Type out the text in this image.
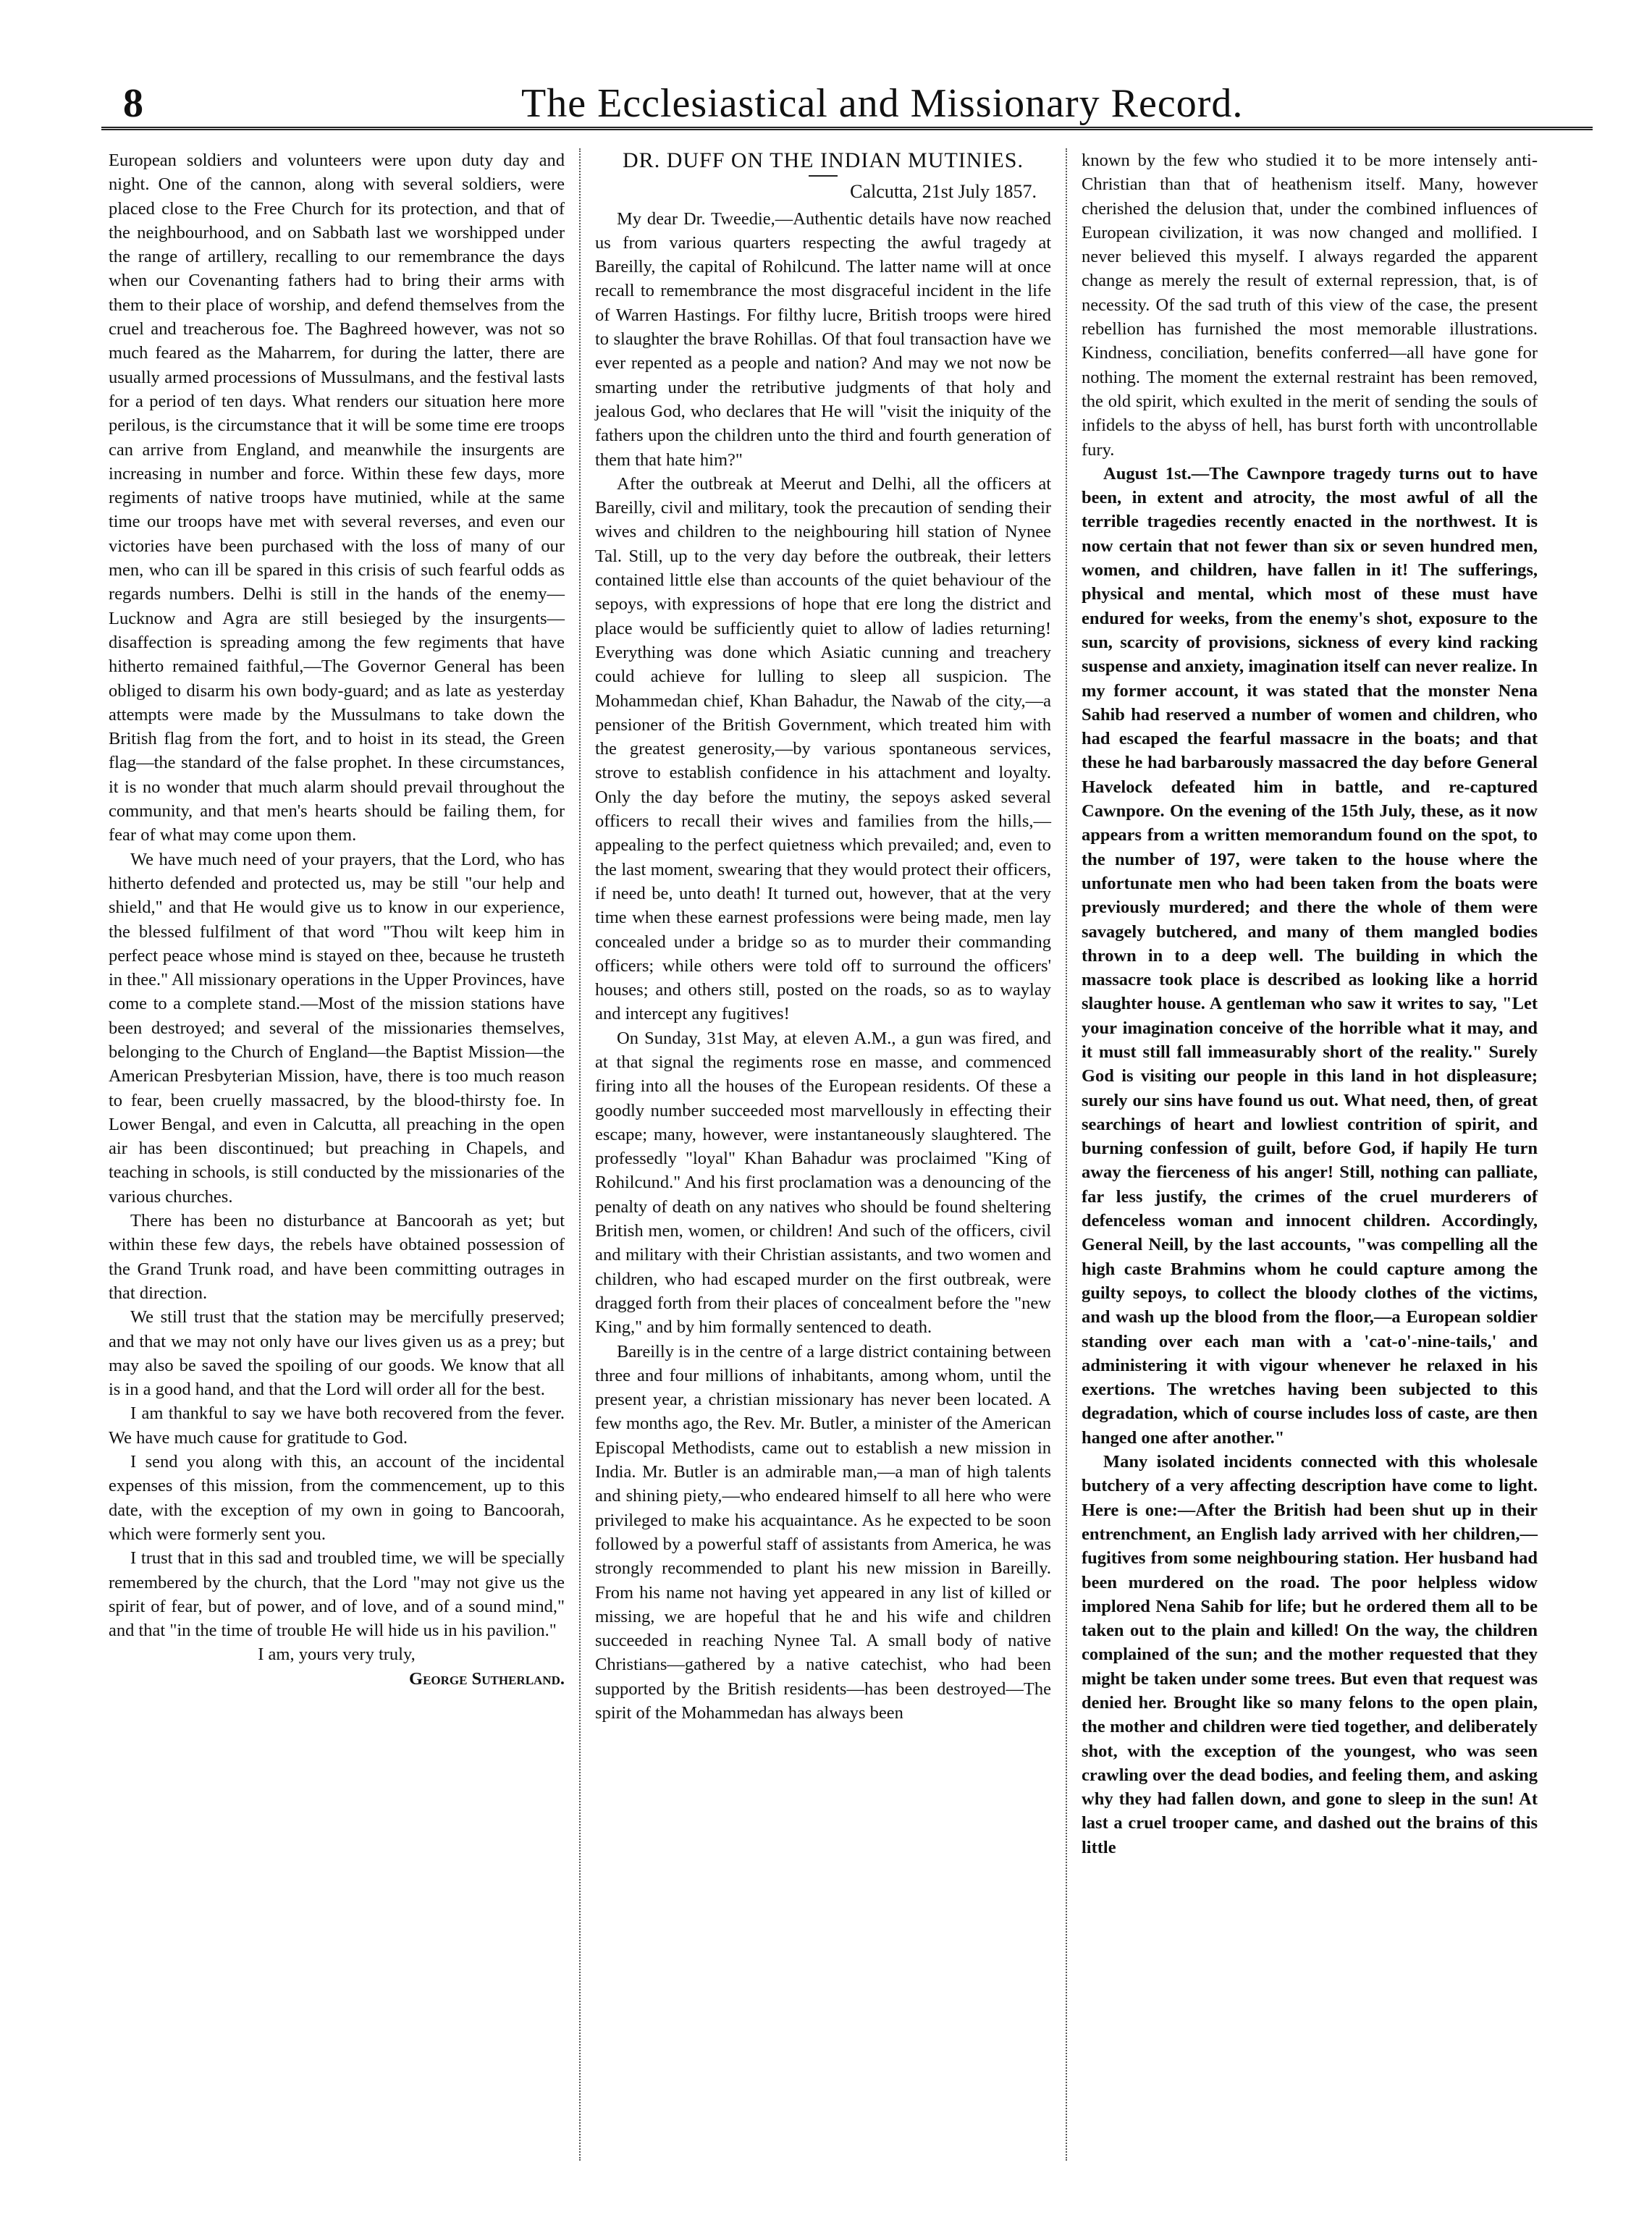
8	The Ecclesiastical and Missionary Record.

European soldiers and volunteers were upon duty day and night. One of the cannon, along with several soldiers, were placed close to the Free Church for its protection, and that of the neighbourhood, and on Sabbath last we worshipped under the range of artillery, recalling to our remembrance the days when our Covenanting fathers had to bring their arms with them to their place of worship, and defend themselves from the cruel and treacherous foe. The Baghreed however, was not so much feared as the Maharrem, for during the latter, there are usually armed processions of Mussulmans, and the festival lasts for a period of ten days. What renders our situation here more perilous, is the circumstance that it will be some time ere troops can arrive from England, and meanwhile the insurgents are increasing in number and force. Within these few days, more regiments of native troops have mutinied, while at the same time our troops have met with several reverses, and even our victories have been purchased with the loss of many of our men, who can ill be spared in this crisis of such fearful odds as regards numbers. Delhi is still in the hands of the enemy—Lucknow and Agra are still besieged by the insurgents—disaffection is spreading among the few regiments that have hitherto remained faithful,—The Governor General has been obliged to disarm his own body-guard; and as late as yesterday attempts were made by the Mussulmans to take down the British flag from the fort, and to hoist in its stead, the Green flag—the standard of the false prophet. In these circumstances, it is no wonder that much alarm should prevail throughout the community, and that men's hearts should be failing them, for fear of what may come upon them.

We have much need of your prayers, that the Lord, who has hitherto defended and protected us, may be still "our help and shield," and that He would give us to know in our experience, the blessed fulfilment of that word "Thou wilt keep him in perfect peace whose mind is stayed on thee, because he trusteth in thee." All missionary operations in the Upper Provinces, have come to a complete stand.—Most of the mission stations have been destroyed; and several of the missionaries themselves, belonging to the Church of England—the Baptist Mission—the American Presbyterian Mission, have, there is too much reason to fear, been cruelly massacred, by the blood-thirsty foe. In Lower Bengal, and even in Calcutta, all preaching in the open air has been discontinued; but preaching in Chapels, and teaching in schools, is still conducted by the missionaries of the various churches.

There has been no disturbance at Bancoorah as yet; but within these few days, the rebels have obtained possession of the Grand Trunk road, and have been committing outrages in that direction.

We still trust that the station may be mercifully preserved; and that we may not only have our lives given us as a prey; but may also be saved the spoiling of our goods. We know that all is in a good hand, and that the Lord will order all for the best.

I am thankful to say we have both recovered from the fever. We have much cause for gratitude to God.

I send you along with this, an account of the incidental expenses of this mission, from the commencement, up to this date, with the exception of my own in going to Bancoorah, which were formerly sent you.

I trust that in this sad and troubled time, we will be specially remembered by the church, that the Lord "may not give us the spirit of fear, but of power, and of love, and of a sound mind," and that "in the time of trouble He will hide us in his pavilion."

I am, yours very truly,

George Sutherland.

DR. DUFF ON THE INDIAN MUTINIES.
Calcutta, 21st July 1857.

My dear Dr. Tweedie,—Authentic details have now reached us from various quarters respecting the awful tragedy at Bareilly, the capital of Rohilcund. The latter name will at once recall to remembrance the most disgraceful incident in the life of Warren Hastings. For filthy lucre, British troops were hired to slaughter the brave Rohillas. Of that foul transaction have we ever repented as a people and nation? And may we not now be smarting under the retributive judgments of that holy and jealous God, who declares that He will "visit the iniquity of the fathers upon the children unto the third and fourth generation of them that hate him?"

After the outbreak at Meerut and Delhi, all the officers at Bareilly, civil and military, took the precaution of sending their wives and children to the neighbouring hill station of Nynee Tal. Still, up to the very day before the outbreak, their letters contained little else than accounts of the quiet behaviour of the sepoys, with expressions of hope that ere long the district and place would be sufficiently quiet to allow of ladies returning! Everything was done which Asiatic cunning and treachery could achieve for lulling to sleep all suspicion. The Mohammedan chief, Khan Bahadur, the Nawab of the city,—a pensioner of the British Government, which treated him with the greatest generosity,—by various spontaneous services, strove to establish confidence in his attachment and loyalty. Only the day before the mutiny, the sepoys asked several officers to recall their wives and families from the hills,—appealing to the perfect quietness which prevailed; and, even to the last moment, swearing that they would protect their officers, if need be, unto death! It turned out, however, that at the very time when these earnest professions were being made, men lay concealed under a bridge so as to murder their commanding officers; while others were told off to surround the officers' houses; and others still, posted on the roads, so as to waylay and intercept any fugitives!

On Sunday, 31st May, at eleven A.M., a gun was fired, and at that signal the regiments rose en masse, and commenced firing into all the houses of the European residents. Of these a goodly number succeeded most marvellously in effecting their escape; many, however, were instantaneously slaughtered. The professedly "loyal" Khan Bahadur was proclaimed "King of Rohilcund." And his first proclamation was a denouncing of the penalty of death on any natives who should be found sheltering British men, women, or children! And such of the officers, civil and military with their Christian assistants, and two women and children, who had escaped murder on the first outbreak, were dragged forth from their places of concealment before the "new King," and by him formally sentenced to death.

Bareilly is in the centre of a large district containing between three and four millions of inhabitants, among whom, until the present year, a christian missionary has never been located. A few months ago, the Rev. Mr. Butler, a minister of the American Episcopal Methodists, came out to establish a new mission in India. Mr. Butler is an admirable man,—a man of high talents and shining piety,—who endeared himself to all here who were privileged to make his acquaintance. As he expected to be soon followed by a powerful staff of assistants from America, he was strongly recommended to plant his new mission in Bareilly. From his name not having yet appeared in any list of killed or missing, we are hopeful that he and his wife and children succeeded in reaching Nynee Tal. A small body of native Christians—gathered by a native catechist, who had been supported by the British residents—has been destroyed—The spirit of the Mohammedan has always been

known by the few who studied it to be more intensely anti-Christian than that of heathenism itself. Many, however cherished the delusion that, under the combined influences of European civilization, it was now changed and mollified. I never believed this myself. I always regarded the apparent change as merely the result of external repression, that, is of necessity. Of the sad truth of this view of the case, the present rebellion has furnished the most memorable illustrations. Kindness, conciliation, benefits conferred—all have gone for nothing. The moment the external restraint has been removed, the old spirit, which exulted in the merit of sending the souls of infidels to the abyss of hell, has burst forth with uncontrollable fury.

August 1st.—The Cawnpore tragedy turns out to have been, in extent and atrocity, the most awful of all the terrible tragedies recently enacted in the northwest. It is now certain that not fewer than six or seven hundred men, women, and children, have fallen in it! The sufferings, physical and mental, which most of these must have endured for weeks, from the enemy's shot, exposure to the sun, scarcity of provisions, sickness of every kind racking suspense and anxiety, imagination itself can never realize. In my former account, it was stated that the monster Nena Sahib had reserved a number of women and children, who had escaped the fearful massacre in the boats; and that these he had barbarously massacred the day before General Havelock defeated him in battle, and re-captured Cawnpore. On the evening of the 15th July, these, as it now appears from a written memorandum found on the spot, to the number of 197, were taken to the house where the unfortunate men who had been taken from the boats were previously murdered; and there the whole of them were savagely butchered, and many of them mangled bodies thrown in to a deep well. The building in which the massacre took place is described as looking like a horrid slaughter house. A gentleman who saw it writes to say, "Let your imagination conceive of the horrible what it may, and it must still fall immeasurably short of the reality." Surely God is visiting our people in this land in hot displeasure; surely our sins have found us out. What need, then, of great searchings of heart and lowliest contrition of spirit, and burning confession of guilt, before God, if hapily He turn away the fierceness of his anger! Still, nothing can palliate, far less justify, the crimes of the cruel murderers of defenceless woman and innocent children. Accordingly, General Neill, by the last accounts, "was compelling all the high caste Brahmins whom he could capture among the guilty sepoys, to collect the bloody clothes of the victims, and wash up the blood from the floor,—a European soldier standing over each man with a 'cat-o'-nine-tails,' and administering it with vigour whenever he relaxed in his exertions. The wretches having been subjected to this degradation, which of course includes loss of caste, are then hanged one after another."

Many isolated incidents connected with this wholesale butchery of a very affecting description have come to light. Here is one:—After the British had been shut up in their entrenchment, an English lady arrived with her children,—fugitives from some neighbouring station. Her husband had been murdered on the road. The poor helpless widow implored Nena Sahib for life; but he ordered them all to be taken out to the plain and killed! On the way, the children complained of the sun; and the mother requested that they might be taken under some trees. But even that request was denied her. Brought like so many felons to the open plain, the mother and children were tied together, and deliberately shot, with the exception of the youngest, who was seen crawling over the dead bodies, and feeling them, and asking why they had fallen down, and gone to sleep in the sun! At last a cruel trooper came, and dashed out the brains of this little
